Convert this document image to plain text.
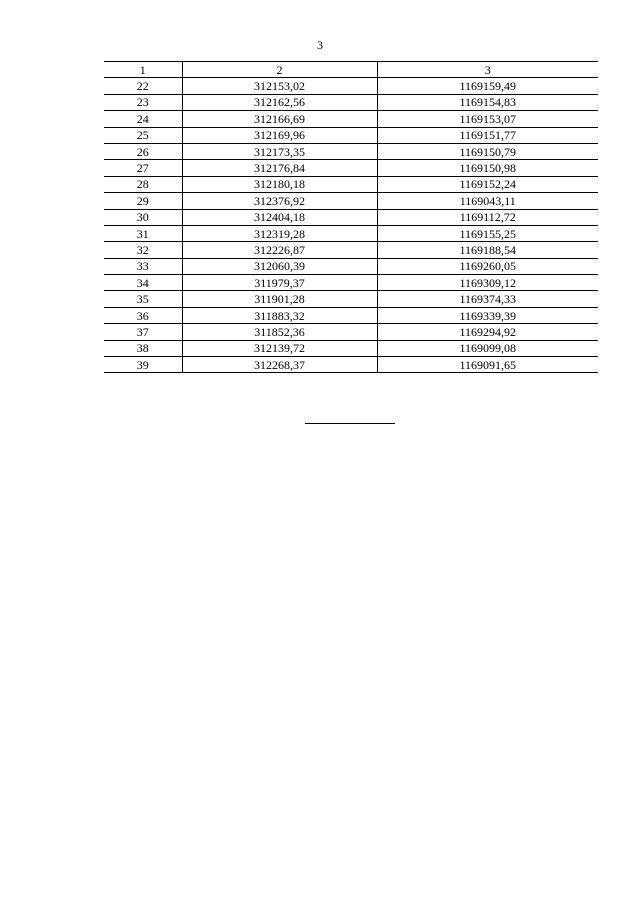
3
1	2	3
22	312153,02	1169159,49
23	312162,56	1169154,83
24	312166,69	1169153,07
25	312169,96	1169151,77
26	312173,35	1169150,79
27	312176,84	1169150,98
28	312180,18	1169152,24
29	312376,92	1169043,11
30	312404,18	1169112,72
31	312319,28	1169155,25
32	312226,87	1169188,54
33	312060,39	1169260,05
34	311979,37	1169309,12
35	311901,28	1169374,33
36	311883,32	1169339,39
37	311852,36	1169294,92
38	312139,72	1169099,08
39	312268,37	1169091,65
